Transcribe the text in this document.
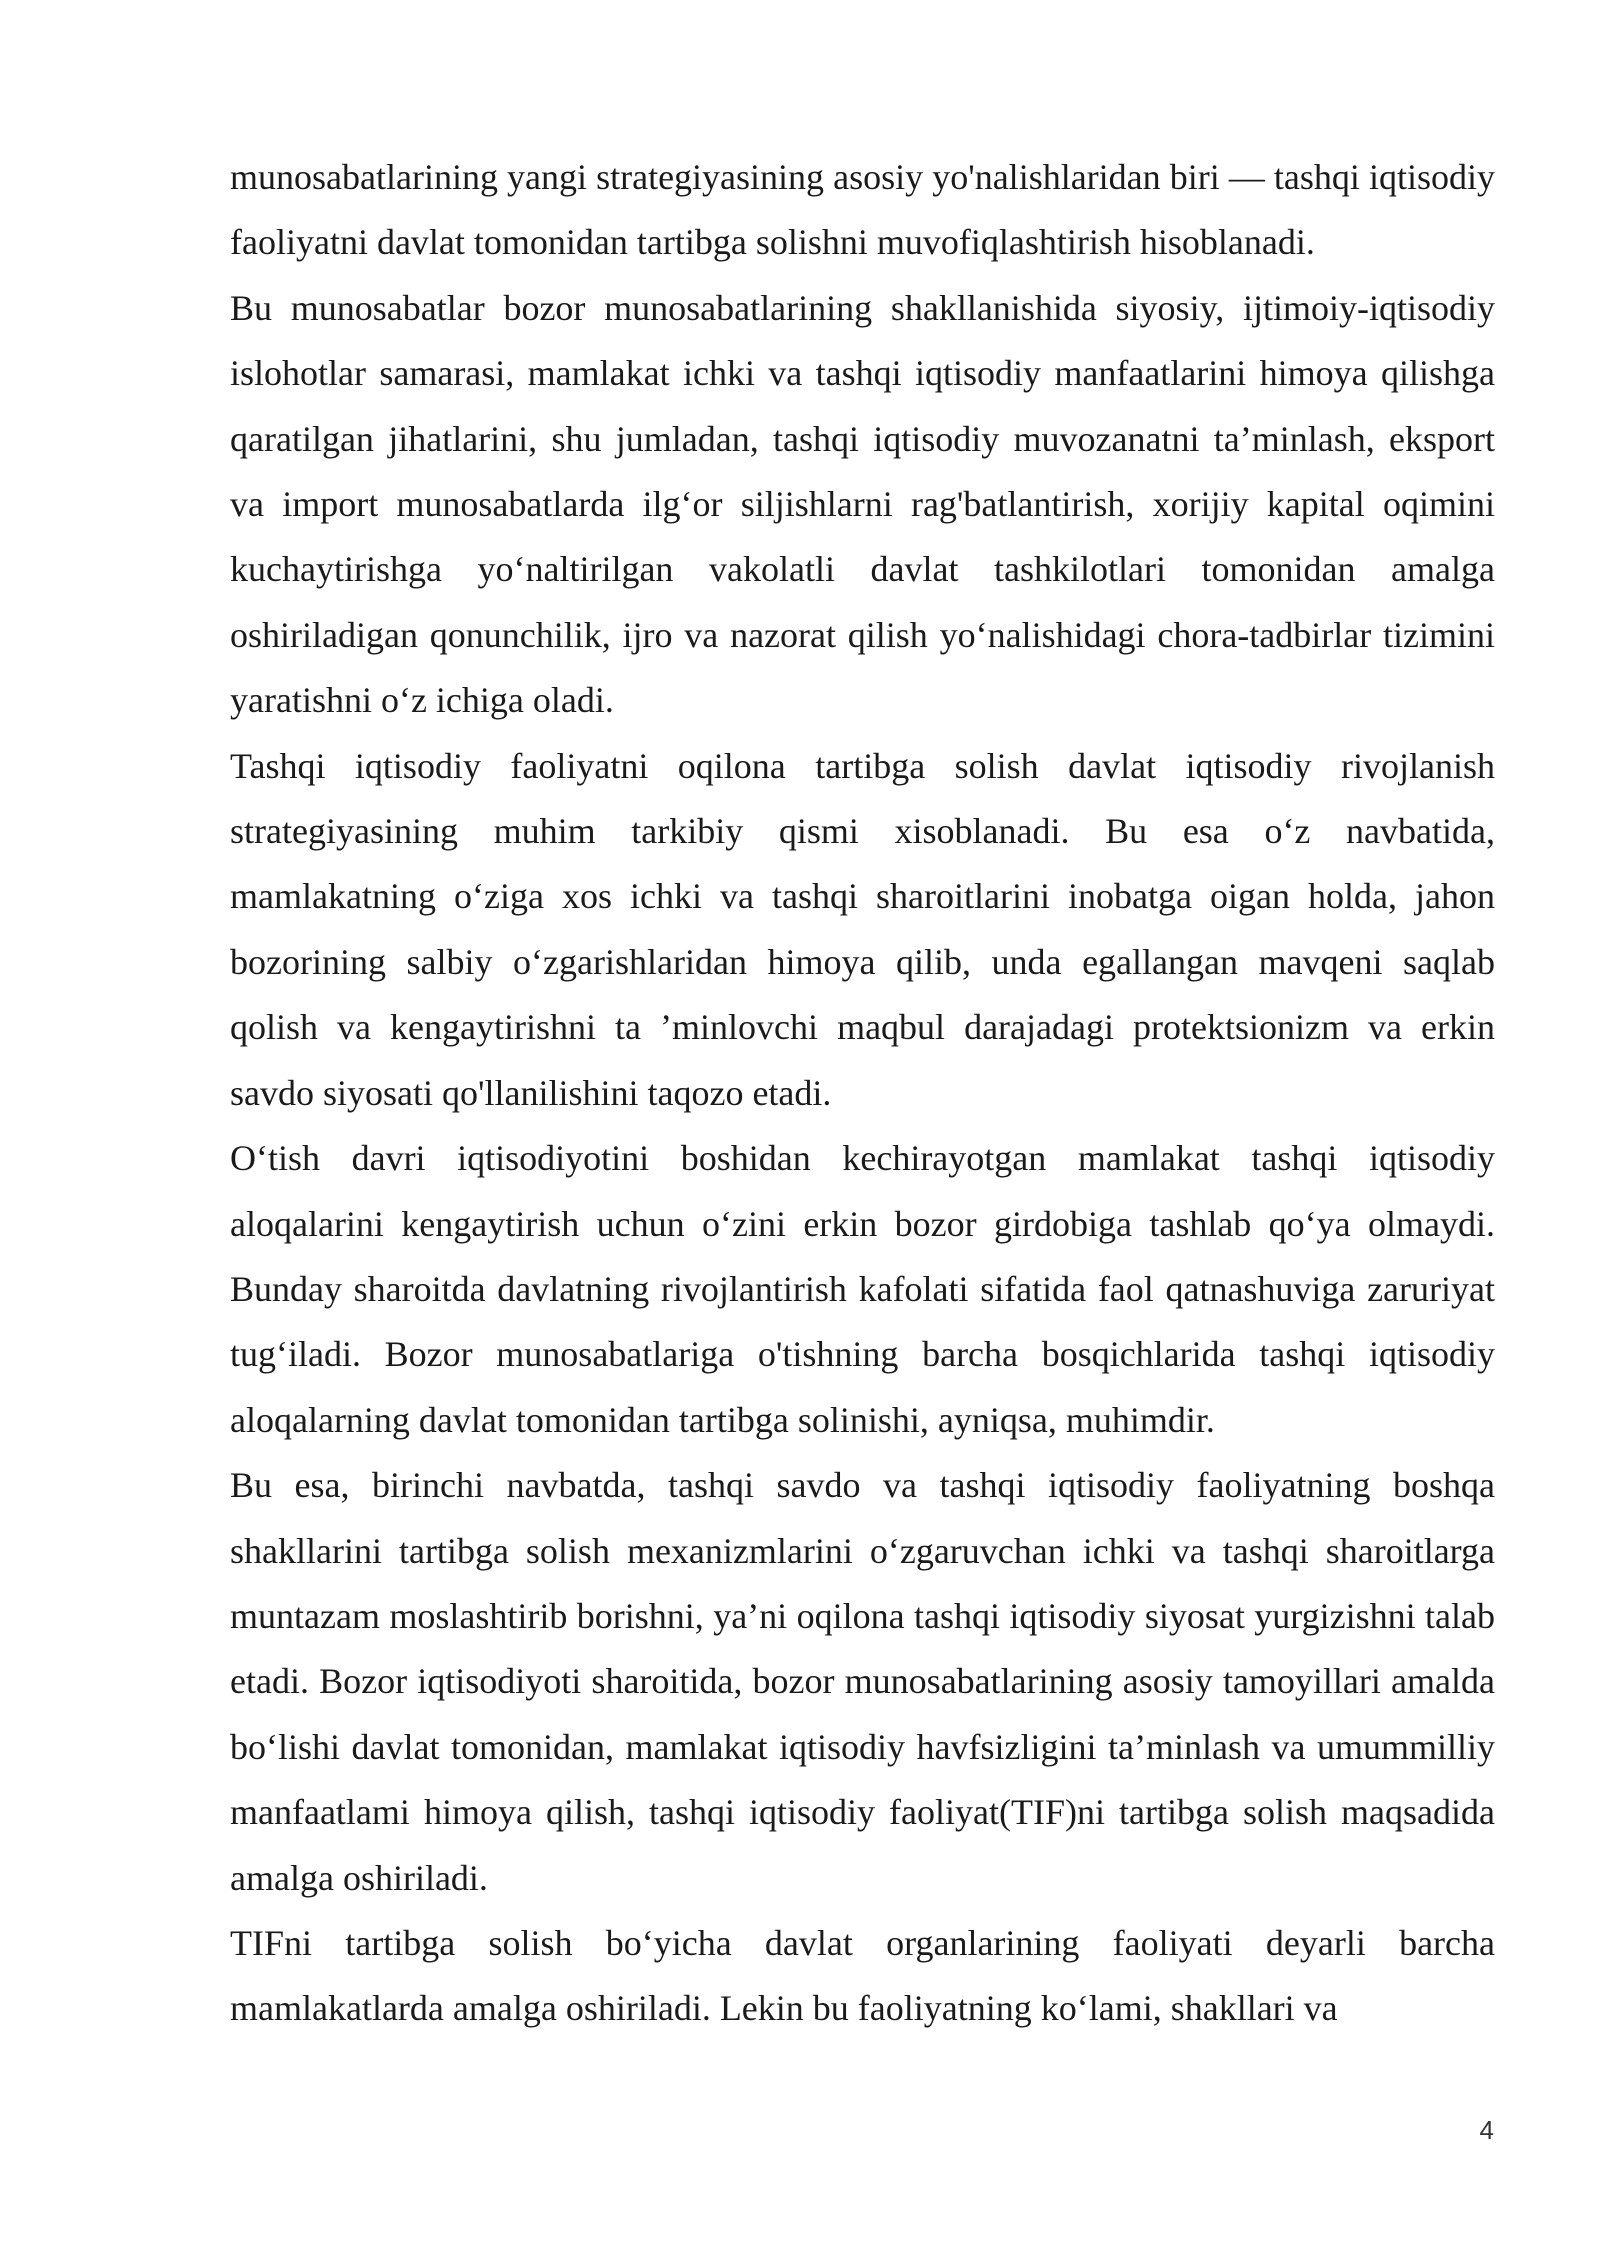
munosabatlarining yangi strategiyasining asosiy yo'nalishlaridan biri — tashqi iqtisodiy faoliyatni davlat tomonidan tartibga solishni muvofiqlashtirish hisoblanadi.

Bu munosabatlar bozor munosabatlarining shakllanishida siyosiy, ijtimoiy-iqtisodiy islohotlar samarasi, mamlakat ichki va tashqi iqtisodiy manfaatlarini himoya qilishga qaratilgan jihatlarini, shu jumladan, tashqi iqtisodiy muvozanatni ta’minlash, eksport va import munosabatlarda ilg‘or siljishlarni rag'batlantirish, xorijiy kapital oqimini kuchaytirishga yo‘naltirilgan vakolatli davlat tashkilotlari tomonidan amalga oshiriladigan qonunchilik, ijro va nazorat qilish yo‘nalishidagi chora-tadbirlar tizimini yaratishni o‘z ichiga oladi.

Tashqi iqtisodiy faoliyatni oqilona tartibga solish davlat iqtisodiy rivojlanish strategiyasining muhim tarkibiy qismi xisoblanadi. Bu esa o‘z navbatida, mamlakatning o‘ziga xos ichki va tashqi sharoitlarini inobatga oigan holda, jahon bozorining salbiy o‘zgarishlaridan himoya qilib, unda egallangan mavqeni saqlab qolish va kengaytirishni ta ’minlovchi maqbul darajadagi protektsionizm va erkin savdo siyosati qo'llanilishini taqozo etadi.

O‘tish davri iqtisodiyotini boshidan kechirayotgan mamlakat tashqi iqtisodiy aloqalarini kengaytirish uchun o‘zini erkin bozor girdobiga tashlab qo‘ya olmaydi. Bunday sharoitda davlatning rivojlantirish kafolati sifatida faol qatnashuviga zaruriyat tug‘iladi. Bozor munosabatlariga o'tishning barcha bosqichlarida tashqi iqtisodiy aloqalarning davlat tomonidan tartibga solinishi, ayniqsa, muhimdir.

Bu esa, birinchi navbatda, tashqi savdo va tashqi iqtisodiy faoliyatning boshqa shakllarini tartibga solish mexanizmlarini o‘zgaruvchan ichki va tashqi sharoitlarga muntazam moslashtirib borishni, ya’ni oqilona tashqi iqtisodiy siyosat yurgizishni talab etadi. Bozor iqtisodiyoti sharoitida, bozor munosabatlarining asosiy tamoyillari amalda bo‘lishi davlat tomonidan, mamlakat iqtisodiy havfsizligini ta’minlash va umummilliy manfaatlami himoya qilish, tashqi iqtisodiy faoliyat(TIF)ni tartibga solish maqsadida amalga oshiriladi.

TIFni tartibga solish bo‘yicha davlat organlarining faoliyati deyarli barcha mamlakatlarda amalga oshiriladi. Lekin bu faoliyatning ko‘lami, shakllari va

4
